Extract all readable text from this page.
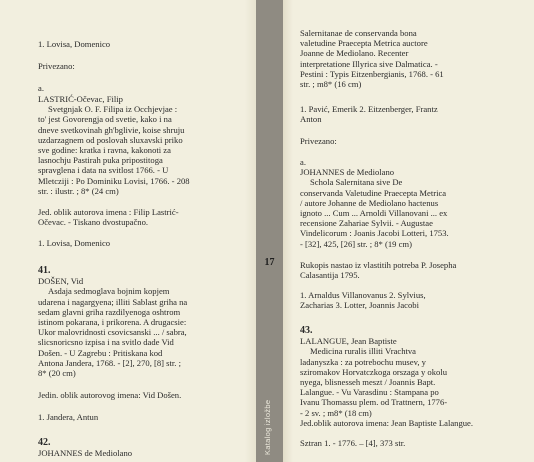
1. Lovisa, Domenico

Privezano:

a.

LASTRIĆ-Očevac, Filip

Svetgnjak O. F. Filipa iz Occhjevjae :

to' jest Govorengja od svetie, kako i na

dneve svetkovinah gh'bglivie, koise shruju

uzdarzagnem od poslovah sluxavski priko

sve godine: kratka i ravna, kakonoti za

lasnochju Pastirah puka pripostitoga

spravglena i data na svitlost 1766. - U

Mletcziji : Po Dominiku Lovisi, 1766. - 208

str. : ilustr. ; 8* (24 cm)

Jed. oblik autorova imena : Filip Lastrić-

Očevac. - Tiskano dvostupačno.

1. Lovisa, Domenico

41.

DOŠEN, Vid

Asdaja sedmoglava bojnim kopjem

udarena i nagargyena; illiti Sablast griha na

sedam glavni griha razdilyenoga oshtrom

istinom pokarana, i prikorena. A drugacsie:

Ukor malovridnosti csovicsanski ... / sabra,

slicsnoricsno izpisa i na svitlo dade Vid

Došen. - U Zagrebu : Pritiskana kod

Antona Jandera, 1768. - [2], 270, [8] str. ;

8* (20 cm)

Jedin. oblik autorovog imena: Vid Došen.

1. Jandera, Antun

42.

JOHANNES de Mediolano

17
Katalog izložbe

Salernitanae de conservanda bona

valetudine Praecepta Metrica auctore

Joanne de Mediolano. Recenter

interpretatione Illyrica sive Dalmatica. -

Pestini : Typis Eitzenbergianis, 1768. - 61

str. ; m8* (16 cm)

1. Pavić, Emerik 2. Eitzenberger, Frantz

Anton

Privezano:

a.

JOHANNES de Mediolano

Schola Salernitana sive De

conservanda Valetudine Praecepta Metrica

/ autore Johanne de Mediolano hactenus

ignoto ... Cum ... Arnoldi Villanovani ... ex

recensione Zahariae Sylvii. - Augustae

Vindelicorum : Joanis Jacobi Lotteri, 1753.

- [32], 425, [26] str. ; 8* (19 cm)

Rukopis nastao iz vlastitih potreba P. Josepha

Calasantija 1795.

1. Arnaldus Villanovanus 2. Sylvius,

Zacharias 3. Lotter, Joannis Jacobi

43.

LALANGUE, Jean Baptiste

Medicina ruralis illiti Vrachtva

ladanyszka : za potrebochu musev, y

sziromakov Horvatczkoga orszaga y okolu

nyega, blisnesseh meszt / Joannis Bapt.

Lalangue. - Vu Varasdinu : Stampana po

Ivanu Thomassu plem. od Trattnern, 1776-

- 2 sv. ; m8* (18 cm)

Jed.oblik autorova imena: Jean Baptiste Lalangue.

Sztran 1. - 1776. – [4], 373 str.
